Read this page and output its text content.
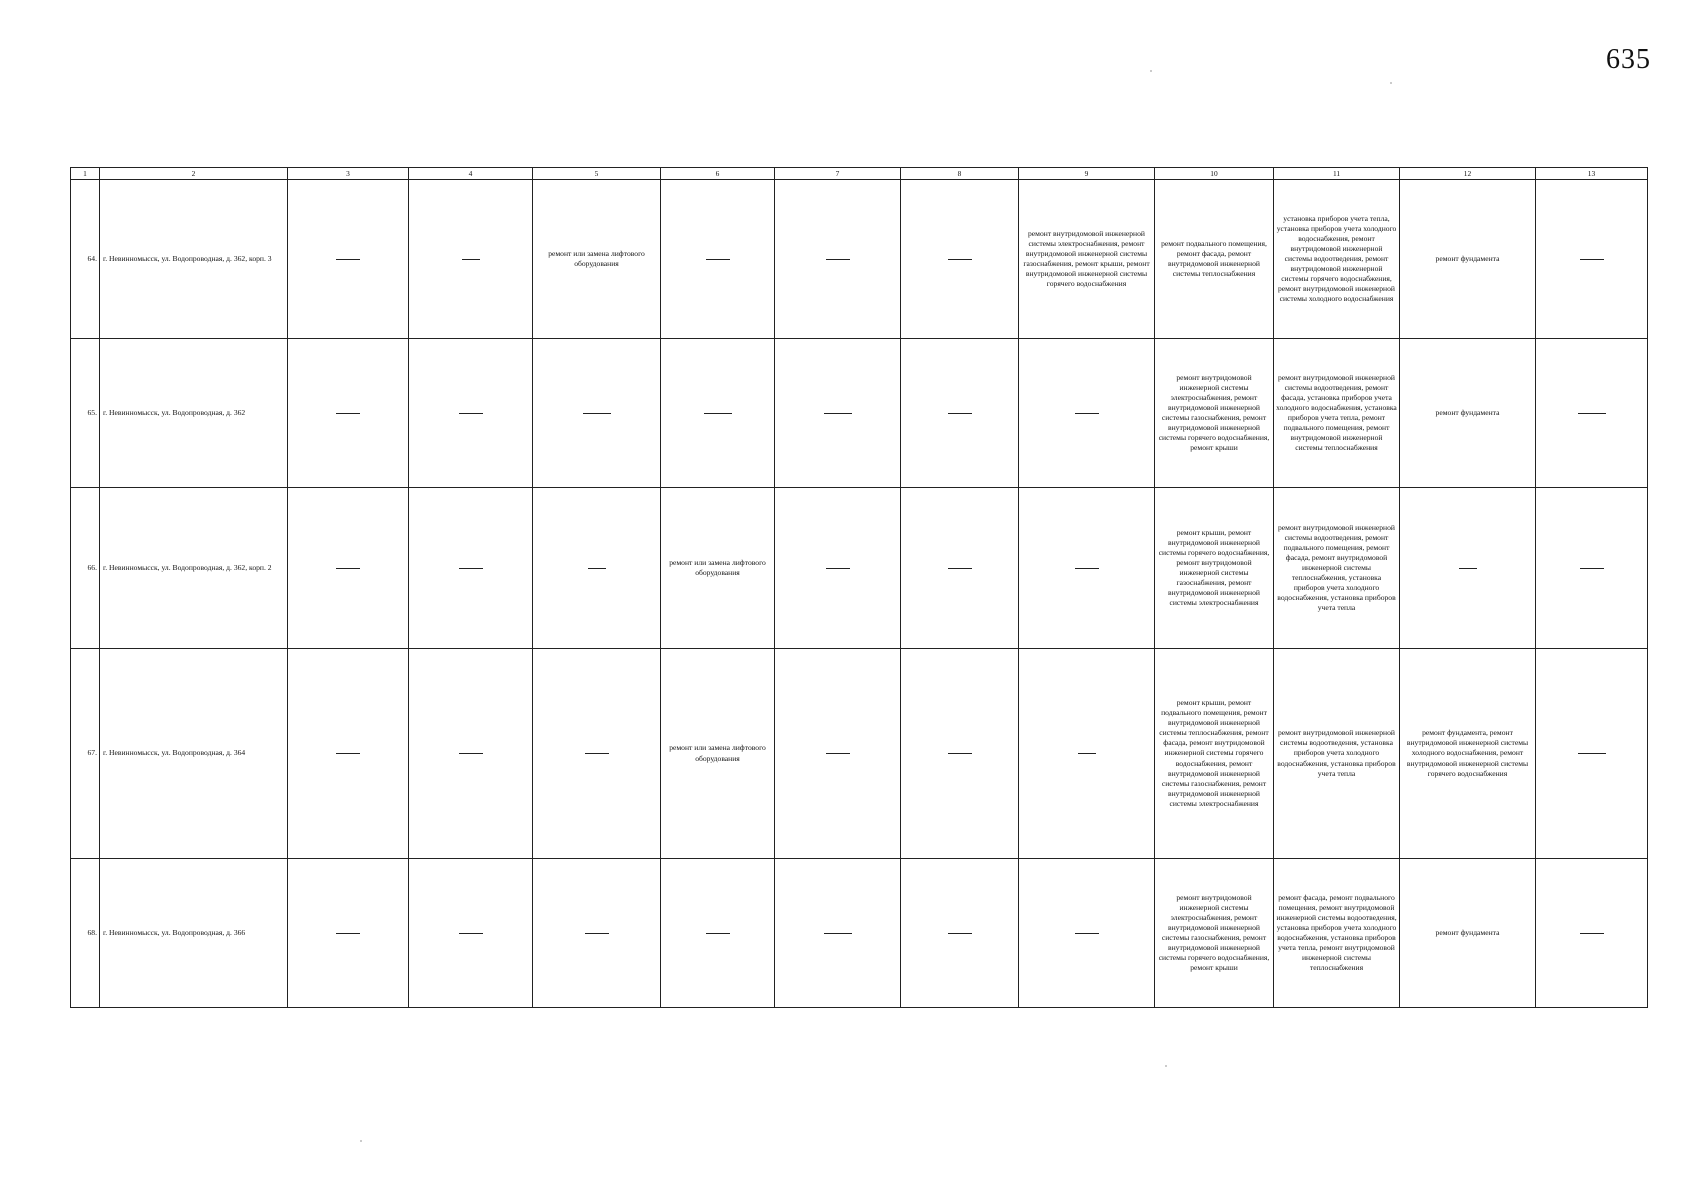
635
1	2	3	4	5	6	7	8	9	10	11	12	13
64.	г. Невинномысск, ул. Водопроводная, д. 362, корп. 3			ремонт или замена лифтового оборудования				ремонт внутридомовой инженерной системы электроснабжения, ремонт внутридомовой инженерной системы газоснабжения, ремонт крыши, ремонт внутридомовой инженерной системы горячего водоснабжения	ремонт подвального помещения, ремонт фасада, ремонт внутридомовой инженерной системы теплоснабжения	установка приборов учета тепла, установка приборов учета холодного водоснабжения, ремонт внутридомовой инженерной системы водоотведения, ремонт внутридомовой инженерной системы горячего водоснабжения, ремонт внутридомовой инженерной системы холодного водоснабжения	ремонт фундамента	
65.	г. Невинномысск, ул. Водопроводная, д. 362								ремонт внутридомовой инженерной системы электроснабжения, ремонт внутридомовой инженерной системы газоснабжения, ремонт внутридомовой инженерной системы горячего водоснабжения, ремонт крыши	ремонт внутридомовой инженерной системы водоотведения, ремонт фасада, установка приборов учета холодного водоснабжения, установка приборов учета тепла, ремонт подвального помещения, ремонт внутридомовой инженерной системы теплоснабжения	ремонт фундамента	
66.	г. Невинномысск, ул. Водопроводная, д. 362, корп. 2				ремонт или замена лифтового оборудования				ремонт крыши, ремонт внутридомовой инженерной системы горячего водоснабжения, ремонт внутридомовой инженерной системы газоснабжения, ремонт внутридомовой инженерной системы электроснабжения	ремонт внутридомовой инженерной системы водоотведения, ремонт подвального помещения, ремонт фасада, ремонт внутридомовой инженерной системы теплоснабжения, установка приборов учета холодного водоснабжения, установка приборов учета тепла		
67.	г. Невинномысск, ул. Водопроводная, д. 364				ремонт или замена лифтового оборудования				ремонт крыши, ремонт подвального помещения, ремонт внутридомовой инженерной системы теплоснабжения, ремонт фасада, ремонт внутридомовой инженерной системы горячего водоснабжения, ремонт внутридомовой инженерной системы газоснабжения, ремонт внутридомовой инженерной системы электроснабжения	ремонт внутридомовой инженерной системы водоотведения, установка приборов учета холодного водоснабжения, установка приборов учета тепла	ремонт фундамента, ремонт внутридомовой инженерной системы холодного водоснабжения, ремонт внутридомовой инженерной системы горячего водоснабжения	
68.	г. Невинномысск, ул. Водопроводная, д. 366								ремонт внутридомовой инженерной системы электроснабжения, ремонт внутридомовой инженерной системы газоснабжения, ремонт внутридомовой инженерной системы горячего водоснабжения, ремонт крыши	ремонт фасада, ремонт подвального помещения, ремонт внутридомовой инженерной системы водоотведения, установка приборов учета холодного водоснабжения, установка приборов учета тепла, ремонт внутридомовой инженерной системы теплоснабжения	ремонт фундамента	
